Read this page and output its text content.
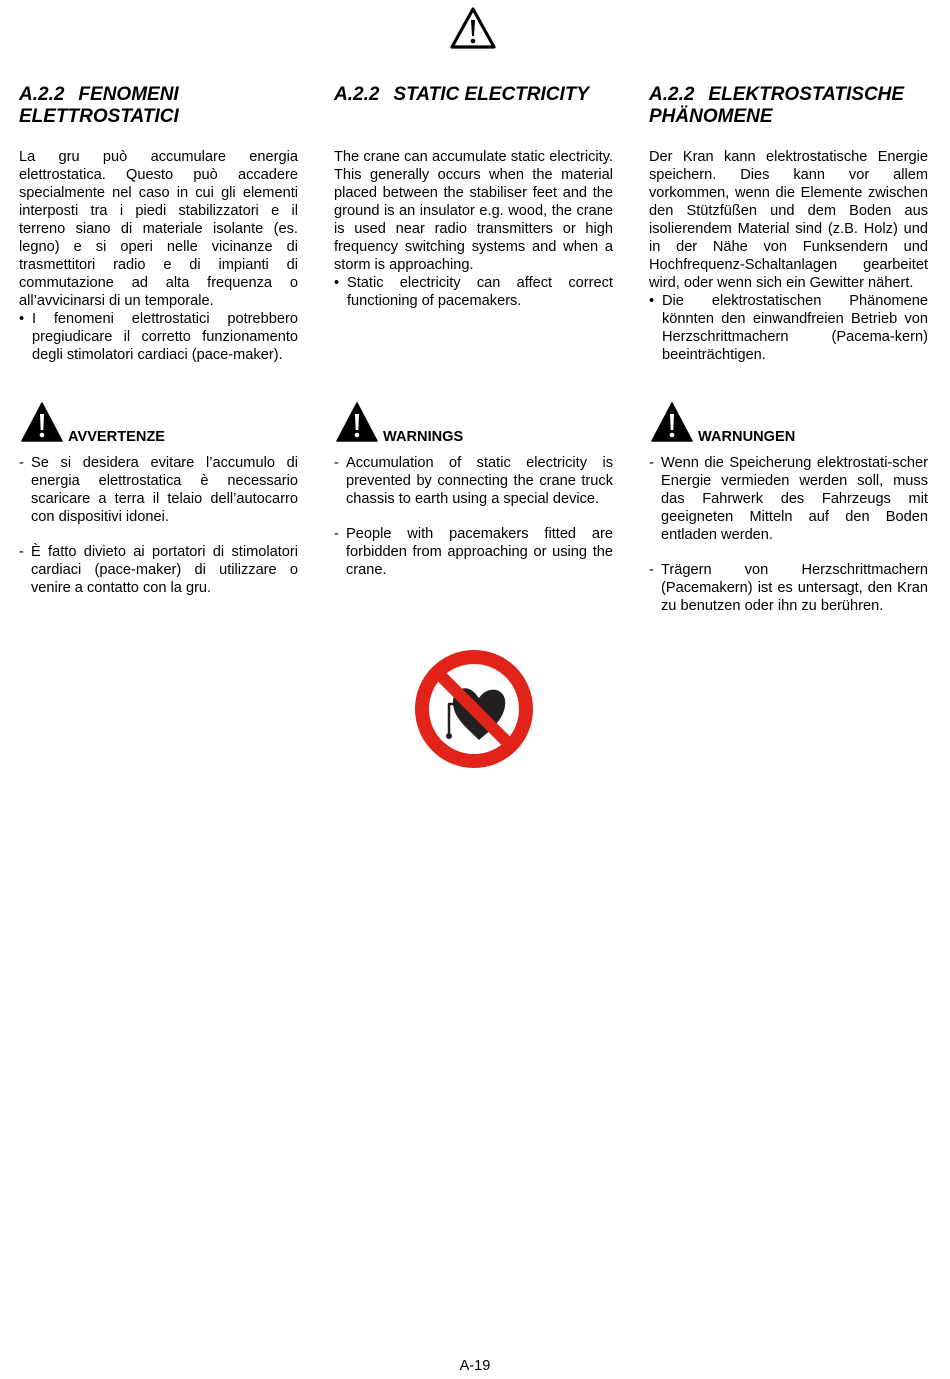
A.2.2 FENOMENI
ELETTROSTATICI

La gru può accumulare energia elettrostatica. Questo può accadere specialmente nel caso in cui gli elementi interposti tra i piedi stabilizzatori e il terreno siano di materiale isolante (es. legno) e si operi nelle vicinanze di trasmettitori radio e di impianti di commutazione ad alta frequenza o all’avvicinarsi di un temporale.

• I fenomeni elettrostatici potrebbero pregiudicare il corretto funzionamento degli stimolatori cardiaci (pace-maker).

A.2.2 STATIC ELECTRICITY

The crane can accumulate static electricity. This generally occurs when the material placed between the stabiliser feet and the ground is an insulator e.g. wood, the crane is used near radio transmitters or high frequency switching systems and when a storm is approaching.

• Static electricity can affect correct functioning of pacemakers.

A.2.2 ELEKTROSTATISCHE
PHÄNOMENE

Der Kran kann elektrostatische Energie speichern. Dies kann vor allem vorkommen, wenn die Elemente zwischen den Stützfüßen und dem Boden aus isolierendem Material sind (z.B. Holz) und in der Nähe von Funksendern und Hochfrequenz-Schaltanlagen gearbeitet wird, oder wenn sich ein Gewitter nähert.

• Die elektrostatischen Phänomene könnten den einwandfreien Betrieb von Herzschrittmachern (Pacema-kern) beeinträchtigen.

AVVERTENZE

- Se si desidera evitare l’accumulo di energia elettrostatica è necessario scaricare a terra il telaio dell’autocarro con dispositivi idonei.

- È fatto divieto ai portatori di stimolatori cardiaci (pace-maker) di utilizzare o venire a contatto con la gru.

WARNINGS

- Accumulation of static electricity is prevented by connecting the crane truck chassis to earth using a special device.

- People with pacemakers fitted are forbidden from approaching or using the crane.

WARNUNGEN

- Wenn die Speicherung elektrostati-scher Energie vermieden werden soll, muss das Fahrwerk des Fahrzeugs mit geeigneten Mitteln auf den Boden entladen werden.

- Trägern von Herzschrittmachern (Pacemakern) ist es untersagt, den Kran zu benutzen oder ihn zu berühren.

A-19
